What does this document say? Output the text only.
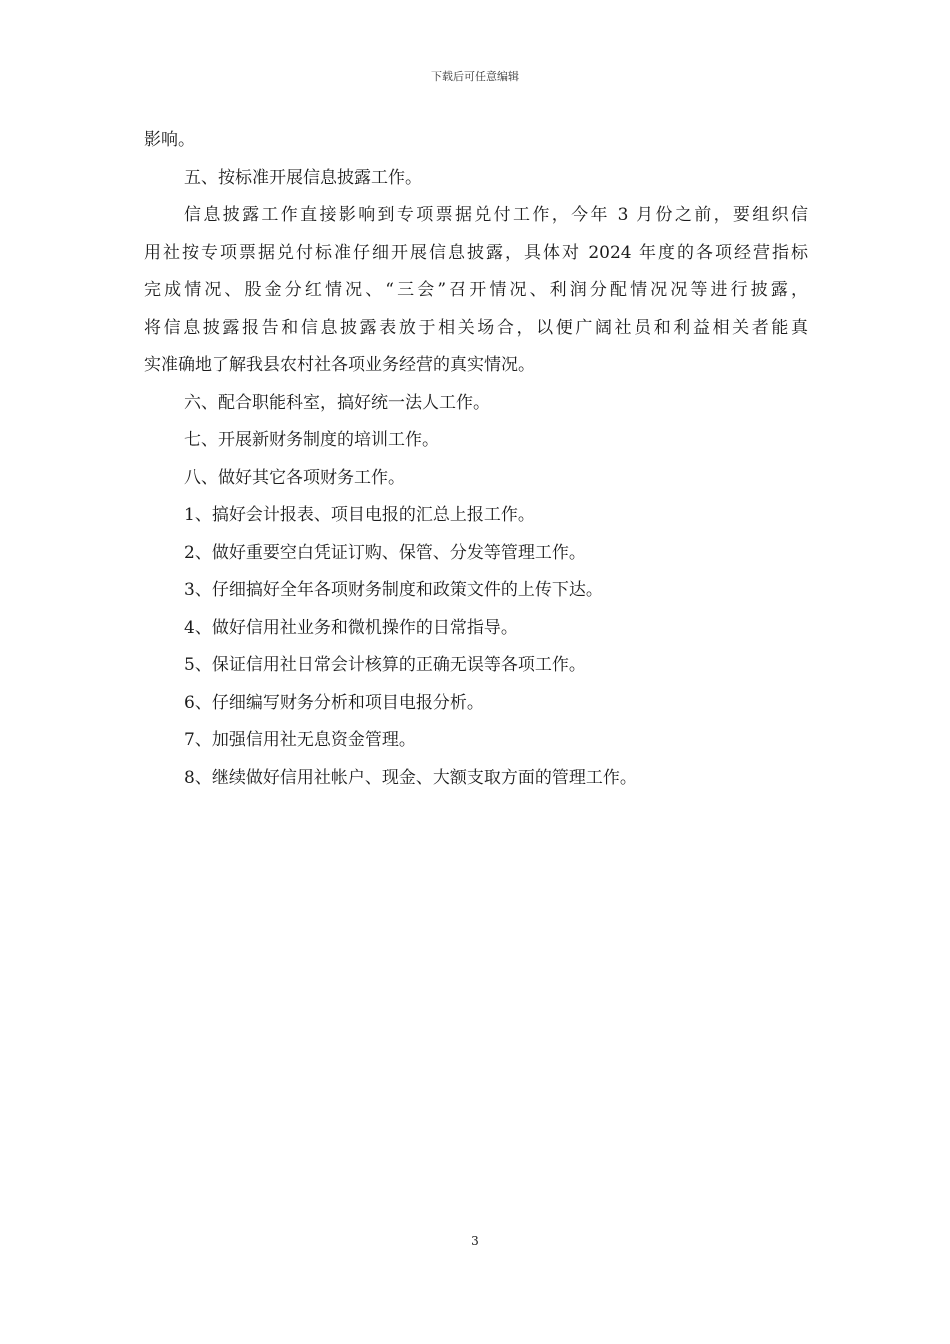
下载后可任意编辑

影响。

五、按标准开展信息披露工作。

信息披露工作直接影响到专项票据兑付工作，今年 3 月份之前，要组织信

用社按专项票据兑付标准仔细开展信息披露，具体对 2024 年度的各项经营指标

完成情况、股金分红情况、“三会”召开情况、利润分配情况况等进行披露，

将信息披露报告和信息披露表放于相关场合，以便广阔社员和利益相关者能真

实准确地了解我县农村社各项业务经营的真实情况。

六、配合职能科室，搞好统一法人工作。

七、开展新财务制度的培训工作。

八、做好其它各项财务工作。

1、搞好会计报表、项目电报的汇总上报工作。

2、做好重要空白凭证订购、保管、分发等管理工作。

3、仔细搞好全年各项财务制度和政策文件的上传下达。

4、做好信用社业务和微机操作的日常指导。

5、保证信用社日常会计核算的正确无误等各项工作。

6、仔细编写财务分析和项目电报分析。

7、加强信用社无息资金管理。

8、继续做好信用社帐户、现金、大额支取方面的管理工作。

3
